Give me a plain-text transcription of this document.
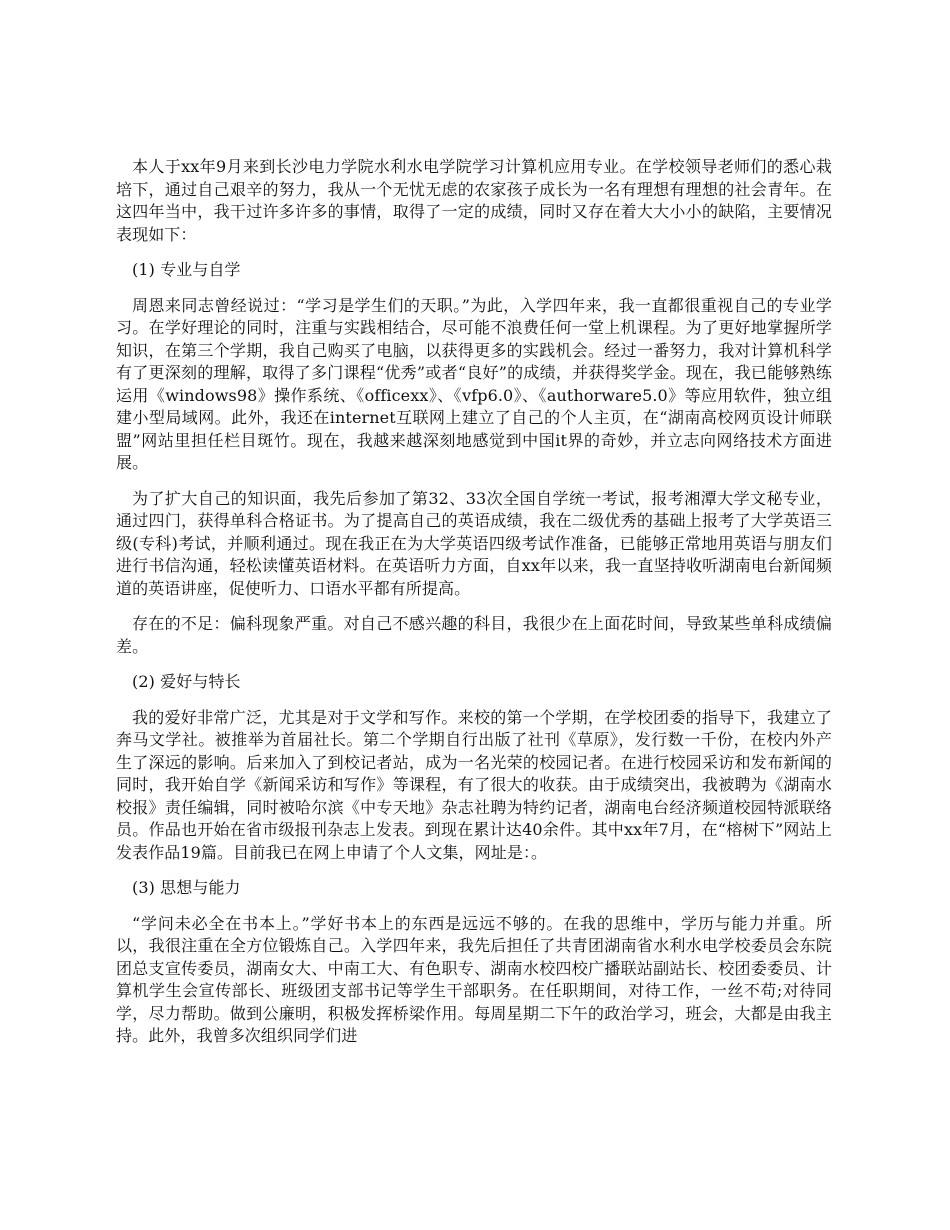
本人于xx年9月来到长沙电力学院水利水电学院学习计算机应用专业。在学校领导老师们的悉心栽培下，通过自己艰辛的努力，我从一个无忧无虑的农家孩子成长为一名有理想有理想的社会青年。在这四年当中，我干过许多许多的事情，取得了一定的成绩，同时又存在着大大小小的缺陷，主要情况表现如下：

(1) 专业与自学

周恩来同志曾经说过：“学习是学生们的天职。”为此，入学四年来，我一直都很重视自己的专业学习。在学好理论的同时，注重与实践相结合，尽可能不浪费任何一堂上机课程。为了更好地掌握所学知识，在第三个学期，我自己购买了电脑，以获得更多的实践机会。经过一番努力，我对计算机科学有了更深刻的理解，取得了多门课程“优秀”或者“良好”的成绩，并获得奖学金。现在，我已能够熟练运用《windows98》操作系统、《officexx》、《vfp6.0》、《authorware5.0》等应用软件，独立组建小型局域网。此外，我还在internet互联网上建立了自己的个人主页，在“湖南高校网页设计师联盟”网站里担任栏目斑竹。现在，我越来越深刻地感觉到中国it界的奇妙，并立志向网络技术方面进展。

为了扩大自己的知识面，我先后参加了第32、33次全国自学统一考试，报考湘潭大学文秘专业，通过四门，获得单科合格证书。为了提高自己的英语成绩，我在二级优秀的基础上报考了大学英语三级(专科)考试，并顺利通过。现在我正在为大学英语四级考试作准备，已能够正常地用英语与朋友们进行书信沟通，轻松读懂英语材料。在英语听力方面，自xx年以来，我一直坚持收听湖南电台新闻频道的英语讲座，促使听力、口语水平都有所提高。

存在的不足：偏科现象严重。对自己不感兴趣的科目，我很少在上面花时间，导致某些单科成绩偏差。

(2) 爱好与特长

我的爱好非常广泛，尤其是对于文学和写作。来校的第一个学期，在学校团委的指导下，我建立了奔马文学社。被推举为首届社长。第二个学期自行出版了社刊《草原》，发行数一千份，在校内外产生了深远的影响。后来加入了到校记者站，成为一名光荣的校园记者。在进行校园采访和发布新闻的同时，我开始自学《新闻采访和写作》等课程，有了很大的收获。由于成绩突出，我被聘为《湖南水校报》责任编辑，同时被哈尔滨《中专天地》杂志社聘为特约记者，湖南电台经济频道校园特派联络员。作品也开始在省市级报刊杂志上发表。到现在累计达40余件。其中xx年7月，在“榕树下”网站上发表作品19篇。目前我已在网上申请了个人文集，网址是：。

(3) 思想与能力

“学问未必全在书本上。”学好书本上的东西是远远不够的。在我的思维中，学历与能力并重。所以，我很注重在全方位锻炼自己。入学四年来，我先后担任了共青团湖南省水利水电学校委员会东院团总支宣传委员，湖南女大、中南工大、有色职专、湖南水校四校广播联站副站长、校团委委员、计算机学生会宣传部长、班级团支部书记等学生干部职务。在任职期间，对待工作，一丝不苟;对待同学，尽力帮助。做到公廉明，积极发挥桥梁作用。每周星期二下午的政治学习，班会，大都是由我主持。此外，我曾多次组织同学们进
